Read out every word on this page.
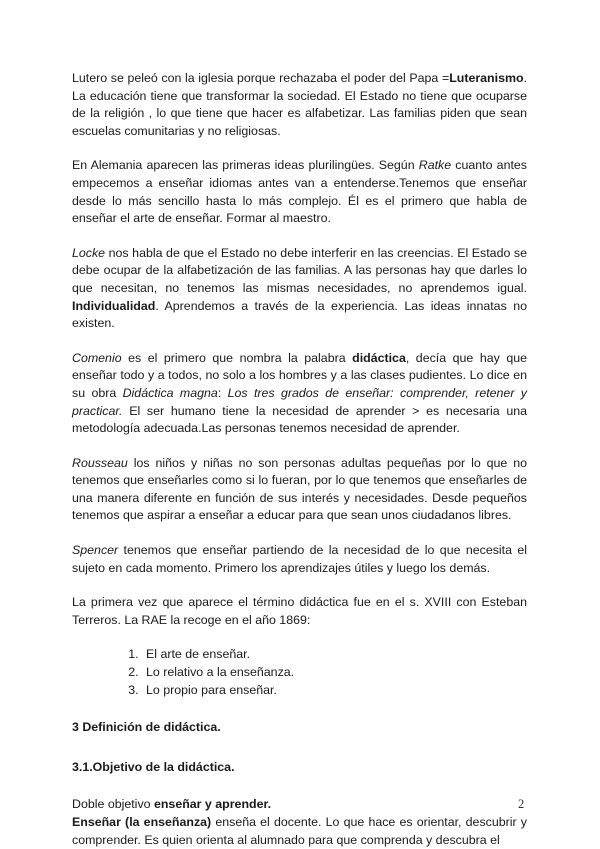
Lutero se peleó con la iglesia porque rechazaba el poder del Papa =Luteranismo. La educación tiene que transformar la sociedad. El Estado no tiene que ocuparse de la religión , lo que tiene que hacer es alfabetizar. Las familias piden que sean escuelas comunitarias y no religiosas.

En Alemania aparecen las primeras ideas plurilingües. Según Ratke cuanto antes empecemos a enseñar idiomas antes van a entenderse.Tenemos que enseñar desde lo más sencillo hasta lo más complejo. Él es el primero que habla de enseñar el arte de enseñar. Formar al maestro.

Locke nos habla de que el Estado no debe interferir en las creencias. El Estado se debe ocupar de la alfabetización de las familias. A las personas hay que darles lo que necesitan, no tenemos las mismas necesidades, no aprendemos igual. Individualidad. Aprendemos a través de la experiencia. Las ideas innatas no existen.

Comenio es el primero que nombra la palabra didáctica, decía que hay que enseñar todo y a todos, no solo a los hombres y a las clases pudientes. Lo dice en su obra Didáctica magna: Los tres grados de enseñar: comprender, retener y practicar. El ser humano tiene la necesidad de aprender > es necesaria una metodología adecuada.Las personas tenemos necesidad de aprender.

Rousseau los niños y niñas no son personas adultas pequeñas por lo que no tenemos que enseñarles como si lo fueran, por lo que tenemos que enseñarles de una manera diferente en función de sus interés y necesidades. Desde pequeños tenemos que aspirar a enseñar a educar para que sean unos ciudadanos libres.

Spencer tenemos que enseñar partiendo de la necesidad de lo que necesita el sujeto en cada momento. Primero los aprendizajes útiles y luego los demás.

La primera vez que aparece el término didáctica fue en el s. XVIII con Esteban Terreros. La RAE la recoge en el año 1869:

1. El arte de enseñar.
2. Lo relativo a la enseñanza.
3. Lo propio para enseñar.

3 Definición de didáctica.

3.1.Objetivo de la didáctica.

Doble objetivo enseñar y aprender.

Enseñar (la enseñanza) enseña el docente. Lo que hace es orientar, descubrir y comprender. Es quien orienta al alumnado para que comprenda y descubra el

2
